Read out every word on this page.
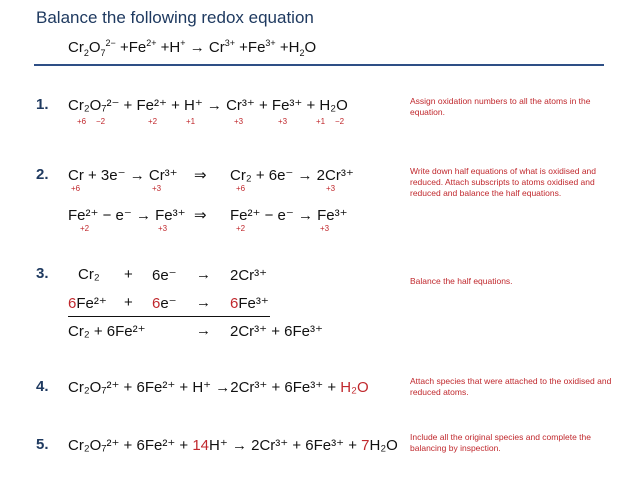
Balance the following redox equation
$Cr_2O_7^{2-} +Fe^{2+} +H^+ \to Cr^{3+} +Fe^{3+} +H_2O$
1. Cr₂O₇²⁻ + Fe²⁺ + H⁺ → Cr³⁺ + Fe³⁺ + H₂O
+6 −2	+2	+1	+3	+3	+1 −2
Assign oxidation numbers to all the atoms in the equation.
2. Cr + 3e⁻ → Cr³⁺ ⇒ Cr₂ + 6e⁻ → 2Cr³⁺
+6	+3	+6	+3
Fe²⁺ − e⁻ → Fe³⁺ ⇒ Fe²⁺ − e⁻ → Fe³⁺
+2	+3	+2	+3
Write down half equations of what is oxidised and reduced. Attach subscripts to atoms oxidised and reduced and balance the half equations.
3. Cr₂ + 6e⁻ → 2Cr³⁺
6Fe²⁺ + 6e⁻ → 6Fe³⁺
Cr₂ + 6Fe²⁺	→ 2Cr³⁺ + 6Fe³⁺
Balance the half equations.
4. Cr₂O₇²⁺ + 6Fe²⁺ + H⁺ →2Cr³⁺ + 6Fe³⁺ + H₂O	Attach species that were attached to the oxidised and reduced atoms.
5. Cr₂O₇²⁺ + 6Fe²⁺ + 14H⁺ → 2Cr³⁺ + 6Fe³⁺ + 7H₂O Include all the original species and complete the balancing by inspection.
